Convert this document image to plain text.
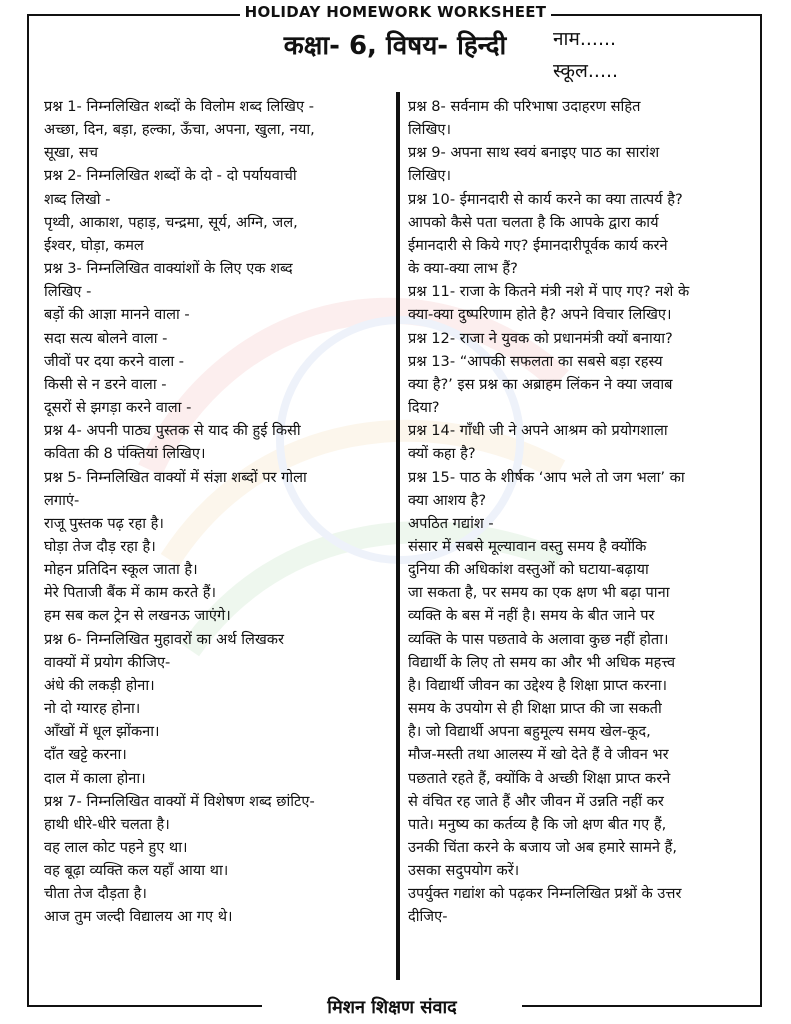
HOLIDAY HOMEWORK WORKSHEET
कक्षा- 6, विषय- हिन्दी	नाम......
स्कूल.....

प्रश्न 1- निम्नलिखित शब्दों के विलोम शब्द लिखिए -

अच्छा, दिन, बड़ा, हल्का, ऊँचा, अपना, खुला, नया,

सूखा, सच

प्रश्न 2- निम्नलिखित शब्दों के दो - दो पर्यायवाची

शब्द लिखो -

पृथ्वी, आकाश, पहाड़, चन्द्रमा, सूर्य, अग्नि, जल,

ईश्वर, घोड़ा, कमल

प्रश्न 3- निम्नलिखित वाक्यांशों के लिए एक शब्द

लिखिए -

बड़ों की आज्ञा मानने वाला -

सदा सत्य बोलने वाला -

जीवों पर दया करने वाला -

किसी से न डरने वाला -

दूसरों से झगड़ा करने वाला -

प्रश्न 4- अपनी पाठ्य पुस्तक से याद की हुई किसी

कविता की 8 पंक्तियां लिखिए।

प्रश्न 5- निम्नलिखित वाक्यों में संज्ञा शब्दों पर गोला

लगाएं-

राजू पुस्तक पढ़ रहा है।

घोड़ा तेज दौड़ रहा है।

मोहन प्रतिदिन स्कूल जाता है।

मेरे पिताजी बैंक में काम करते हैं।

हम सब कल ट्रेन से लखनऊ जाएंगे।

प्रश्न 6- निम्नलिखित मुहावरों का अर्थ लिखकर

वाक्यों में प्रयोग कीजिए-

अंधे की लकड़ी होना।

नो दो ग्यारह होना।

आँखों में धूल झोंकना।

दाँत खट्टे करना।

दाल में काला होना।

प्रश्न 7- निम्नलिखित वाक्यों में विशेषण शब्द छांटिए-

हाथी धीरे-धीरे चलता है।

वह लाल कोट पहने हुए था।

वह बूढ़ा व्यक्ति कल यहाँ आया था।

चीता तेज दौड़ता है।

आज तुम जल्दी विद्यालय आ गए थे।

प्रश्न 8- सर्वनाम की परिभाषा उदाहरण सहित

लिखिए।

प्रश्न 9- अपना साथ स्वयं बनाइए पाठ का सारांश

लिखिए।

प्रश्न 10- ईमानदारी से कार्य करने का क्या तात्पर्य है?

आपको कैसे पता चलता है कि आपके द्वारा कार्य

ईमानदारी से किये गए? ईमानदारीपूर्वक कार्य करने

के क्या-क्या लाभ हैं?

प्रश्न 11- राजा के कितने मंत्री नशे में पाए गए? नशे के

क्या-क्या दुष्परिणाम होते है? अपने विचार लिखिए।

प्रश्न 12- राजा ने युवक को प्रधानमंत्री क्यों बनाया?

प्रश्न 13- “आपकी सफलता का सबसे बड़ा रहस्य

क्या है?’ इस प्रश्न का अब्राहम लिंकन ने क्या जवाब

दिया?

प्रश्न 14- गाँधी जी ने अपने आश्रम को प्रयोगशाला

क्यों कहा है?

प्रश्न 15- पाठ के शीर्षक ‘आप भले तो जग भला’ का

क्या आशय है?

अपठित गद्यांश -

संसार में सबसे मूल्यावान वस्तु समय है क्योंकि

दुनिया की अधिकांश वस्तुओं को घटाया-बढ़ाया

जा सकता है, पर समय का एक क्षण भी बढ़ा पाना

व्यक्ति के बस में नहीं है। समय के बीत जाने पर

व्यक्ति के पास पछतावे के अलावा कुछ नहीं होता।

विद्यार्थी के लिए तो समय का और भी अधिक महत्त्व

है। विद्यार्थी जीवन का उद्देश्य है शिक्षा प्राप्त करना।

समय के उपयोग से ही शिक्षा प्राप्त की जा सकती

है। जो विद्यार्थी अपना बहुमूल्य समय खेल-कूद,

मौज-मस्ती तथा आलस्य में खो देते हैं वे जीवन भर

पछताते रहते हैं, क्योंकि वे अच्छी शिक्षा प्राप्त करने

से वंचित रह जाते हैं और जीवन में उन्नति नहीं कर

पाते। मनुष्य का कर्तव्य है कि जो क्षण बीत गए हैं,

उनकी चिंता करने के बजाय जो अब हमारे सामने हैं,

उसका सदुपयोग करें।

उपर्युक्त गद्यांश को पढ़कर निम्नलिखित प्रश्नों के उत्तर

दीजिए-

मिशन शिक्षण संवाद
